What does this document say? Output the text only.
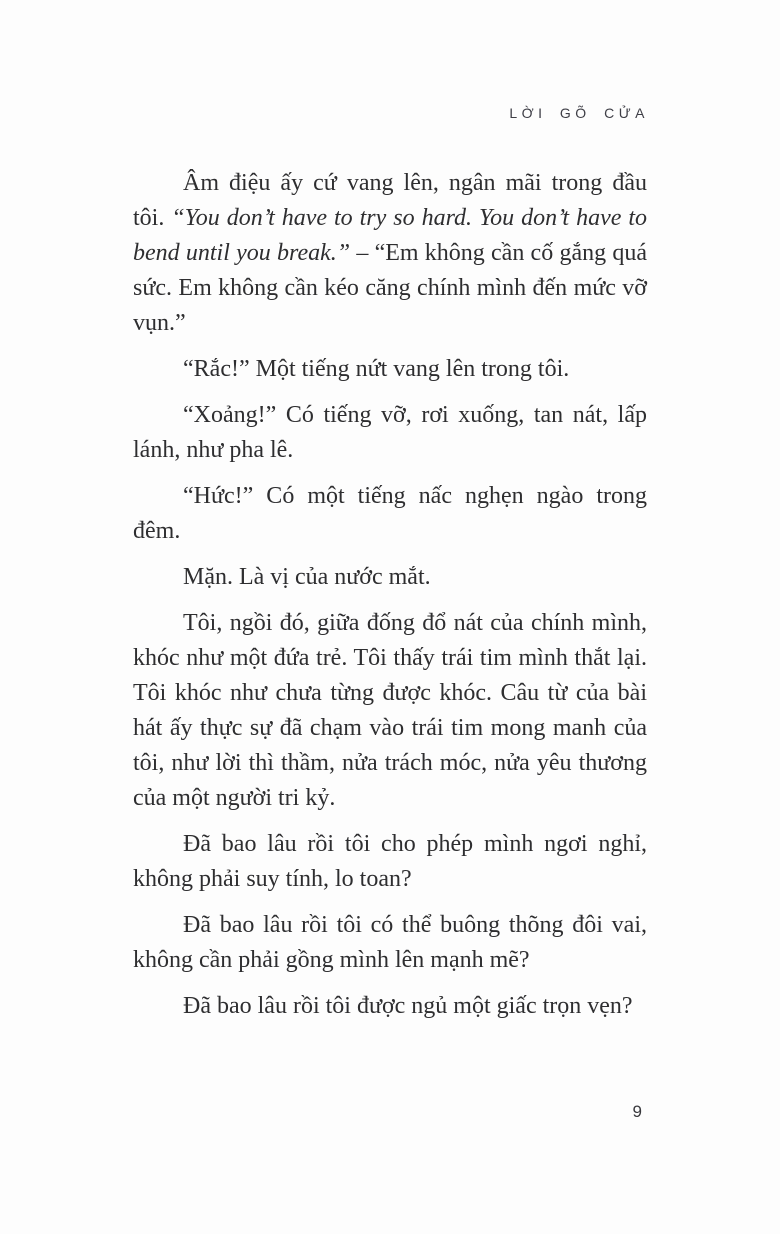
LỜI GÕ CỬA

Âm điệu ấy cứ vang lên, ngân mãi trong đầu tôi. “You don’t have to try so hard. You don’t have to bend until you break.” – “Em không cần cố gắng quá sức. Em không cần kéo căng chính mình đến mức vỡ vụn.”

“Rắc!” Một tiếng nứt vang lên trong tôi.

“Xoảng!” Có tiếng vỡ, rơi xuống, tan nát, lấp lánh, như pha lê.

“Hức!” Có một tiếng nấc nghẹn ngào trong đêm.

Mặn. Là vị của nước mắt.

Tôi, ngồi đó, giữa đống đổ nát của chính mình, khóc như một đứa trẻ. Tôi thấy trái tim mình thắt lại. Tôi khóc như chưa từng được khóc. Câu từ của bài hát ấy thực sự đã chạm vào trái tim mong manh của tôi, như lời thì thầm, nửa trách móc, nửa yêu thương của một người tri kỷ.

Đã bao lâu rồi tôi cho phép mình ngơi nghỉ, không phải suy tính, lo toan?

Đã bao lâu rồi tôi có thể buông thõng đôi vai, không cần phải gồng mình lên mạnh mẽ?

Đã bao lâu rồi tôi được ngủ một giấc trọn vẹn?

9
